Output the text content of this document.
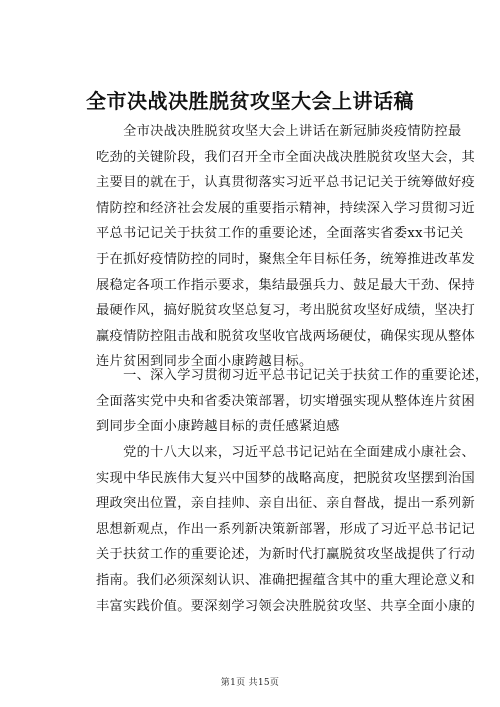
全市决战决胜脱贫攻坚大会上讲话稿
　　全市决战决胜脱贫攻坚大会上讲话在新冠肺炎疫情防控最
吃劲的关键阶段，我们召开全市全面决战决胜脱贫攻坚大会，其
主要目的就在于，认真贯彻落实习近平总书记记关于统筹做好疫
情防控和经济社会发展的重要指示精神，持续深入学习贯彻习近
平总书记记关于扶贫工作的重要论述，全面落实省委xx书记关
于在抓好疫情防控的同时，聚焦全年目标任务，统筹推进改革发
展稳定各项工作指示要求，集结最强兵力、鼓足最大干劲、保持
最硬作风，搞好脱贫攻坚总复习，考出脱贫攻坚好成绩，坚决打
赢疫情防控阻击战和脱贫攻坚收官战两场硬仗，确保实现从整体
连片贫困到同步全面小康跨越目标。
　　一、深入学习贯彻习近平总书记记关于扶贫工作的重要论述，
全面落实党中央和省委决策部署，切实增强实现从整体连片贫困
到同步全面小康跨越目标的责任感紧迫感
　　党的十八大以来，习近平总书记记站在全面建成小康社会、
实现中华民族伟大复兴中国梦的战略高度，把脱贫攻坚摆到治国
理政突出位置，亲自挂帅、亲自出征、亲自督战，提出一系列新
思想新观点，作出一系列新决策新部署，形成了习近平总书记记
关于扶贫工作的重要论述，为新时代打赢脱贫攻坚战提供了行动
指南。我们必须深刻认识、准确把握蕴含其中的重大理论意义和
丰富实践价值。要深刻学习领会决胜脱贫攻坚、共享全面小康的
第1页 共15页
